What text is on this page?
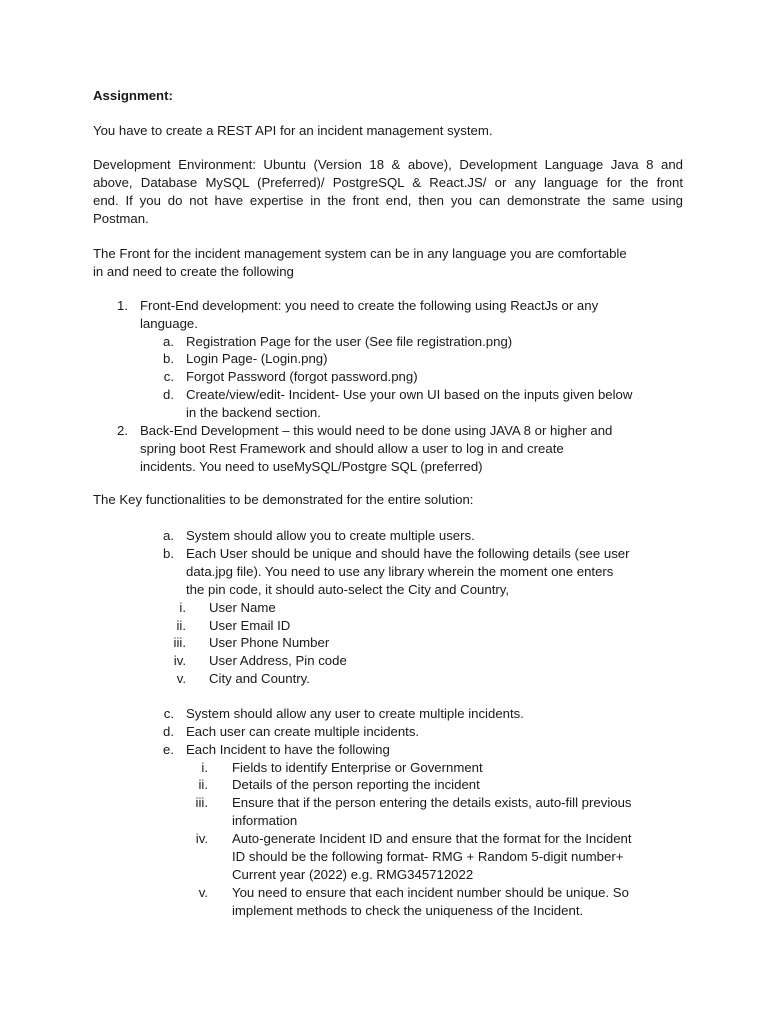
Assignment:
You have to create a REST API for an incident management system.
Development Environment: Ubuntu (Version 18 & above), Development Language Java 8 and
above, Database MySQL (Preferred)/ PostgreSQL & React.JS/ or any language for the front
end. If you do not have expertise in the front end, then you can demonstrate the same using
Postman.
The Front for the incident management system can be in any language you are comfortable
in and need to create the following
1. Front-End development: you need to create the following using ReactJs or any
language.
a. Registration Page for the user (See file registration.png)
b. Login Page- (Login.png)
c. Forgot Password (forgot password.png)
d. Create/view/edit- Incident- Use your own UI based on the inputs given below
in the backend section.
2. Back-End Development – this would need to be done using JAVA 8 or higher and
spring boot Rest Framework and should allow a user to log in and create
incidents. You need to useMySQL/Postgre SQL (preferred)
The Key functionalities to be demonstrated for the entire solution:
a. System should allow you to create multiple users.
b. Each User should be unique and should have the following details (see user
data.jpg file). You need to use any library wherein the moment one enters
the pin code, it should auto-select the City and Country,
i. User Name
ii. User Email ID
iii. User Phone Number
iv. User Address, Pin code
v. City and Country.
c. System should allow any user to create multiple incidents.
d. Each user can create multiple incidents.
e. Each Incident to have the following
i. Fields to identify Enterprise or Government
ii. Details of the person reporting the incident
iii. Ensure that if the person entering the details exists, auto-fill previous
information
iv. Auto-generate Incident ID and ensure that the format for the Incident
ID should be the following format- RMG + Random 5-digit number+
Current year (2022) e.g. RMG345712022
v. You need to ensure that each incident number should be unique. So
implement methods to check the uniqueness of the Incident.
